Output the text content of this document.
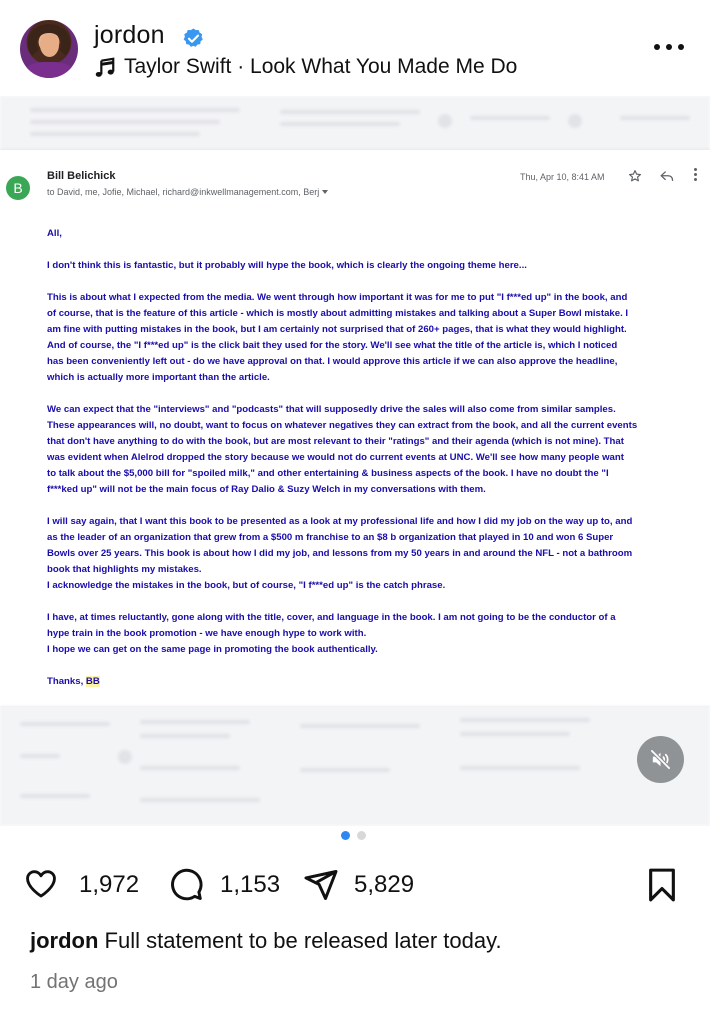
jordon
Taylor Swift · Look What You Made Me Do
B
Bill Belichick
to David, me, Jofie, Michael, richard@inkwellmanagement.com, Berj
Thu, Apr 10, 8:41 AM

All,

I don't think this is fantastic, but it probably will hype the book, which is clearly the ongoing theme here...

This is about what I expected from the media. We went through how important it was for me to put "I f***ed up" in the book, and

of course, that is the feature of this article - which is mostly about admitting mistakes and talking about a Super Bowl mistake. I

am fine with putting mistakes in the book, but I am certainly not surprised that of 260+ pages, that is what they would highlight.

And of course, the "I f***ed up" is the click bait they used for the story. We'll see what the title of the article is, which I noticed

has been conveniently left out - do we have approval on that. I would approve this article if we can also approve the headline,

which is actually more important than the article.

We can expect that the "interviews" and "podcasts" that will supposedly drive the sales will also come from similar samples.

These appearances will, no doubt, want to focus on whatever negatives they can extract from the book, and all the current events

that don't have anything to do with the book, but are most relevant to their "ratings" and their agenda (which is not mine). That

was evident when Alelrod dropped the story because we would not do current events at UNC. We'll see how many people want

to talk about the $5,000 bill for "spoiled milk," and other entertaining & business aspects of the book. I have no doubt the "I

f***ked up" will not be the main focus of Ray Dalio & Suzy Welch in my conversations with them.

I will say again, that I want this book to be presented as a look at my professional life and how I did my job on the way up to, and

as the leader of an organization that grew from a $500 m franchise to an $8 b organization that played in 10 and won 6 Super

Bowls over 25 years. This book is about how I did my job, and lessons from my 50 years in and around the NFL - not a bathroom

book that highlights my mistakes.

I acknowledge the mistakes in the book, but of course, "I f***ed up" is the catch phrase.

I have, at times reluctantly, gone along with the title, cover, and language in the book. I am not going to be the conductor of a

hype train in the book promotion - we have enough hype to work with.

I hope we can get on the same page in promoting the book authentically.

Thanks, BB

1,972	1,153	5,829
jordon Full statement to be released later today.
1 day ago
